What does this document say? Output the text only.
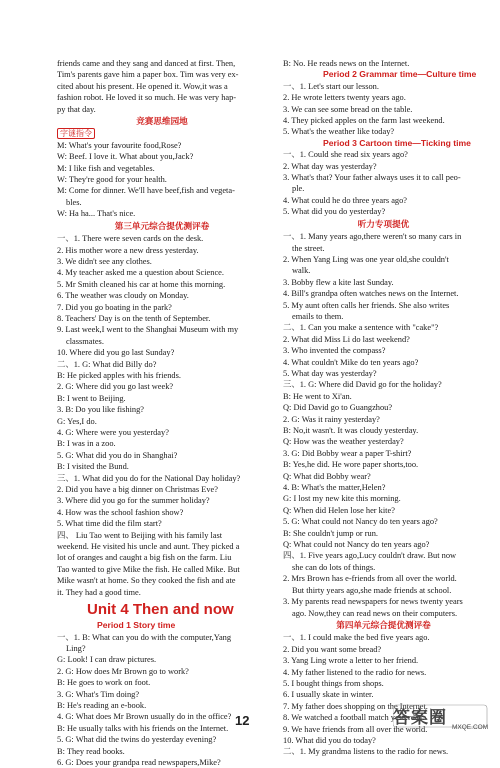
friends came and they sang and danced at first. Then,
Tim's parents gave him a paper box. Tim was very ex-
cited about his present. He opened it. Wow,it was a
fashion robot. He loved it so much. He was very hap-
py that day.
竞赛思维园地
字谜指令
M: What's your favourite food,Rose?
W: Beef. I love it. What about you,Jack?
M: I like fish and vegetables.
W: They're good for your health.
M: Come for dinner. We'll have beef,fish and vegeta-
bles.
W: Ha ha... That's nice.
第三单元综合提优测评卷
一、1. There were seven cards on the desk.
2. His mother wore a new dress yesterday.
3. We didn't see any clothes.
4. My teacher asked me a question about Science.
5. Mr Smith cleaned his car at home this morning.
6. The weather was cloudy on Monday.
7. Did you go boating in the park?
8. Teachers' Day is on the tenth of September.
9. Last week,I went to the Shanghai Museum with my
classmates.
10. Where did you go last Sunday?
二、1. G: What did Billy do?
B: He picked apples with his friends.
2. G: Where did you go last week?
B: I went to Beijing.
3. B: Do you like fishing?
G: Yes,I do.
4. G: Where were you yesterday?
B: I was in a zoo.
5. G: What did you do in Shanghai?
B: I visited the Bund.
三、1. What did you do for the National Day holiday?
2. Did you have a big dinner on Christmas Eve?
3. Where did you go for the summer holiday?
4. How was the school fashion show?
5. What time did the film start?
四、 Liu Tao went to Beijing with his family last
weekend. He visited his uncle and aunt. They picked a
lot of oranges and caught a big fish on the farm. Liu
Tao wanted to give Mike the fish. He called Mike. But
Mike wasn't at home. So they cooked the fish and ate
it. They had a good time.
Unit 4 Then and now
Period 1 Story time
一、1. B: What can you do with the computer,Yang
Ling?
G: Look! I can draw pictures.
2. G: How does Mr Brown go to work?
B: He goes to work on foot.
3. G: What's Tim doing?
B: He's reading an e-book.
4. G: What does Mr Brown usually do in the office?
B: He usually talks with his friends on the Internet.
5. G: What did the twins do yesterday evening?
B: They read books.
6. G: Does your grandpa read newspapers,Mike?
B: No. He reads news on the Internet.
Period 2 Grammar time—Culture time
一、1. Let's start our lesson.
2. He wrote letters twenty years ago.
3. We can see some bread on the table.
4. They picked apples on the farm last weekend.
5. What's the weather like today?
Period 3 Cartoon time—Ticking time
一、1. Could she read six years ago?
2. What day was yesterday?
3. What's that? Your father always uses it to call peo-
ple.
4. What could he do three years ago?
5. What did you do yesterday?
听力专项提优
一、1. Many years ago,there weren't so many cars in
the street.
2. When Yang Ling was one year old,she couldn't
walk.
3. Bobby flew a kite last Sunday.
4. Bill's grandpa often watches news on the Internet.
5. My aunt often calls her friends. She also writes
emails to them.
二、1. Can you make a sentence with "cake"?
2. What did Miss Li do last weekend?
3. Who invented the compass?
4. What couldn't Mike do ten years ago?
5. What day was yesterday?
三、1. G: Where did David go for the holiday?
B: He went to Xi'an.
Q: Did David go to Guangzhou?
2. G: Was it rainy yesterday?
B: No,it wasn't. It was cloudy yesterday.
Q: How was the weather yesterday?
3. G: Did Bobby wear a paper T-shirt?
B: Yes,he did. He wore paper shorts,too.
Q: What did Bobby wear?
4. B: What's the matter,Helen?
G: I lost my new kite this morning.
Q: When did Helen lose her kite?
5. G: What could not Nancy do ten years ago?
B: She couldn't jump or run.
Q: What could not Nancy do ten years ago?
四、1. Five years ago,Lucy couldn't draw. But now
she can do lots of things.
2. Mrs Brown has e-friends from all over the world.
But thirty years ago,she made friends at school.
3. My parents read newspapers for news twenty years
ago. Now,they can read news on their computers.
第四单元综合提优测评卷
一、1. I could make the bed five years ago.
2. Did you want some bread?
3. Yang Ling wrote a letter to her friend.
4. My father listened to the radio for news.
5. I bought things from shops.
6. I usually skate in winter.
7. My father does shopping on the Internet.
8. We watched a football match yesterday.
9. We have friends from all over the world.
10. What did you do today?
二、1. My grandma listens to the radio for news.
12	答案圈
MXQE.COM
